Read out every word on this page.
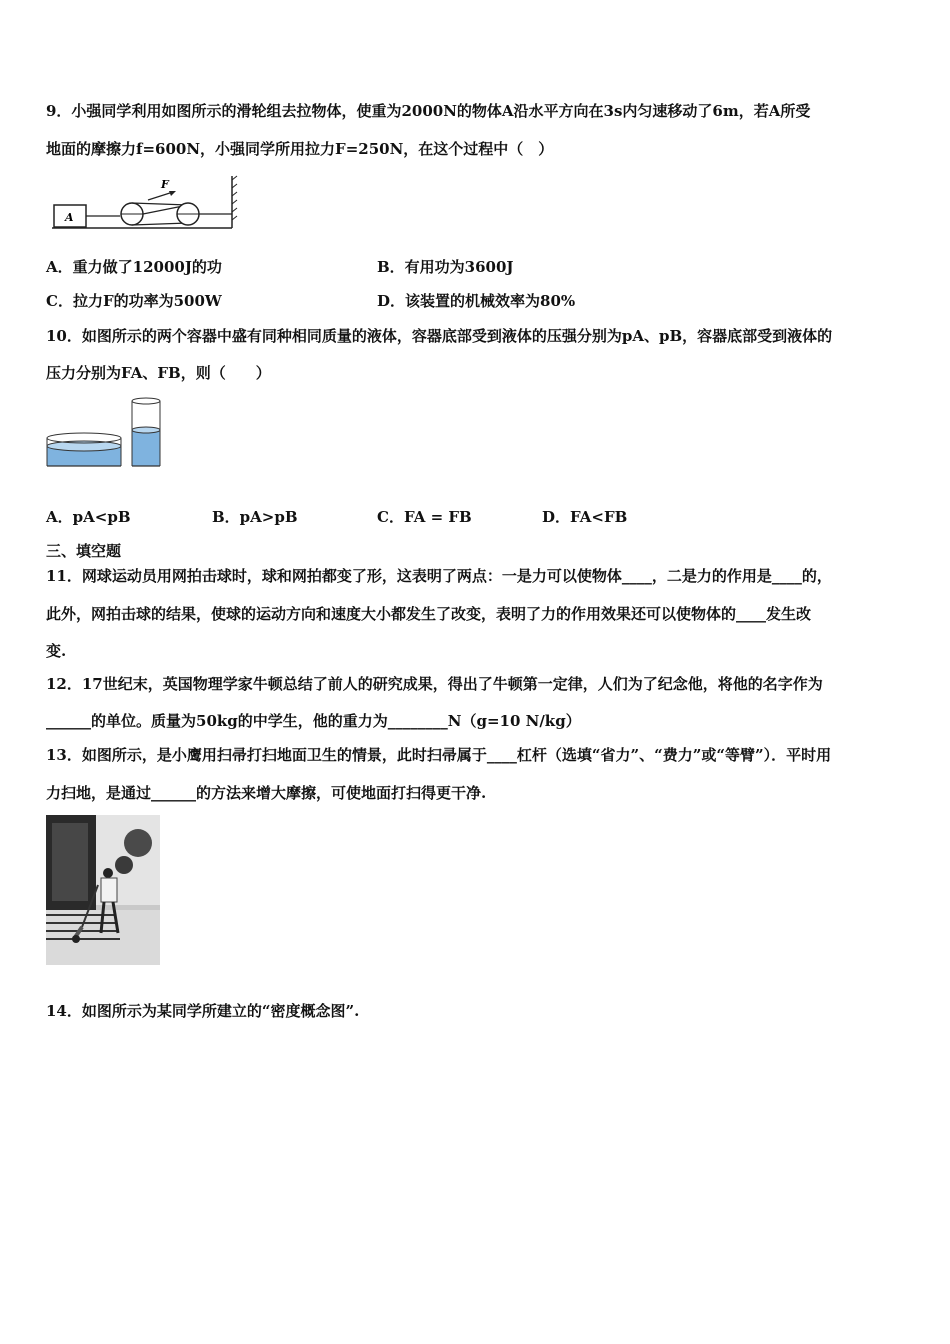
9．小强同学利用如图所示的滑轮组去拉物体，使重为2000N的物体A沿水平方向在3s内匀速移动了6m，若A所受
地面的摩擦力f=600N，小强同学所用拉力F=250N，在这个过程中（　）
A
F
A．重力做了12000J的功	B．有用功为3600J
C．拉力F的功率为500W	D．该装置的机械效率为80%
10．如图所示的两个容器中盛有同种相同质量的液体，容器底部受到液体的压强分别为pA、pB，容器底部受到液体的
压力分别为FA、FB，则（　　）
A．pA<pB	B．pA>pB	C．FA = FB	D．FA<FB
三、填空题
11．网球运动员用网拍击球时，球和网拍都变了形，这表明了两点：一是力可以使物体____，二是力的作用是____的，
此外，网拍击球的结果，使球的运动方向和速度大小都发生了改变，表明了力的作用效果还可以使物体的____发生改
变.
12．17世纪末，英国物理学家牛顿总结了前人的研究成果，得出了牛顿第一定律，人们为了纪念他，将他的名字作为
______的单位。质量为50kg的中学生，他的重力为________N（g=10 N/kg）
13．如图所示，是小鹰用扫帚打扫地面卫生的情景，此时扫帚属于____杠杆（选填“省力”、“费力”或“等臂”）．平时用
力扫地，是通过______的方法来增大摩擦，可使地面打扫得更干净.
14．如图所示为某同学所建立的“密度概念图”.
